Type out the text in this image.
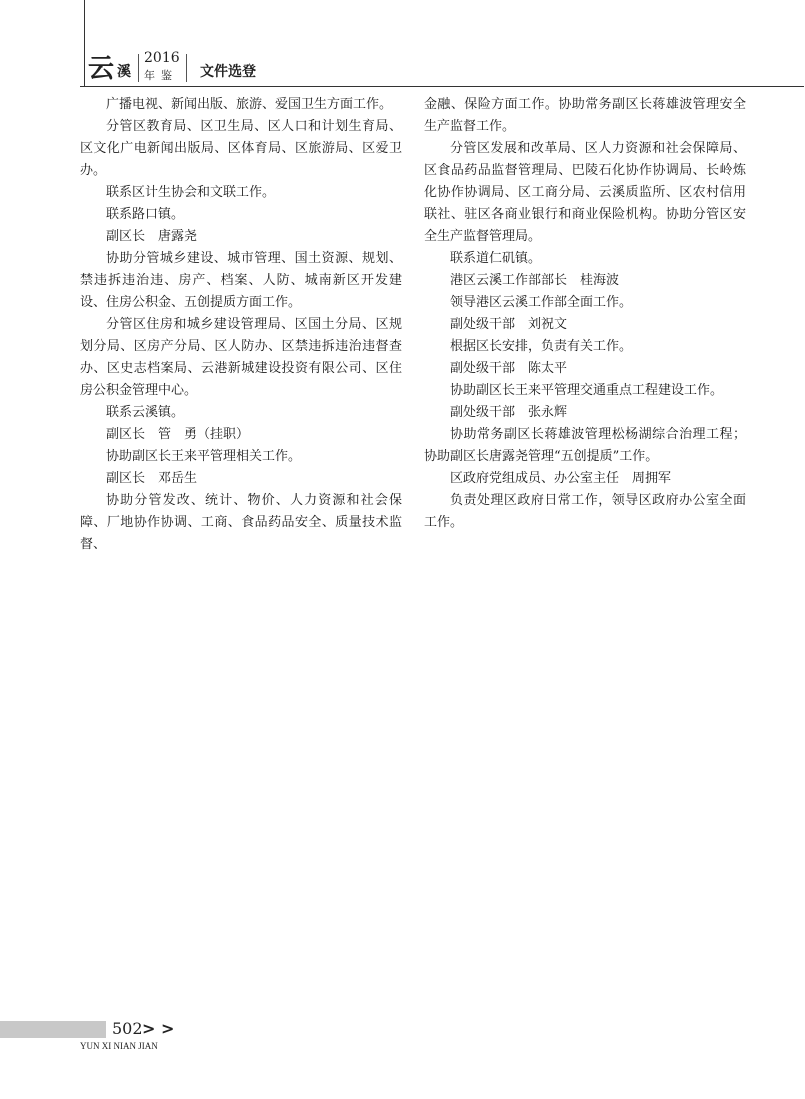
云 溪
2016
年鉴 文件选登

广播电视、新闻出版、旅游、爱国卫生方面工作。

分管区教育局、区卫生局、区人口和计划生育局、区文化广电新闻出版局、区体育局、区旅游局、区爱卫办。

联系区计生协会和文联工作。

联系路口镇。

副区长　唐露尧

协助分管城乡建设、城市管理、国土资源、规划、禁违拆违治违、房产、档案、人防、城南新区开发建设、住房公积金、五创提质方面工作。

分管区住房和城乡建设管理局、区国土分局、区规划分局、区房产分局、区人防办、区禁违拆违治违督查办、区史志档案局、云港新城建设投资有限公司、区住房公积金管理中心。

联系云溪镇。

副区长　管　勇（挂职）

协助副区长王来平管理相关工作。

副区长　邓岳生

协助分管发改、统计、物价、人力资源和社会保障、厂地协作协调、工商、食品药品安全、质量技术监督、

金融、保险方面工作。协助常务副区长蒋雄波管理安全生产监督工作。

分管区发展和改革局、区人力资源和社会保障局、区食品药品监督管理局、巴陵石化协作协调局、长岭炼化协作协调局、区工商分局、云溪质监所、区农村信用联社、驻区各商业银行和商业保险机构。协助分管区安全生产监督管理局。

联系道仁矶镇。

港区云溪工作部部长　桂海波

领导港区云溪工作部全面工作。

副处级干部　刘祝文

根据区长安排，负责有关工作。

副处级干部　陈太平

协助副区长王来平管理交通重点工程建设工作。

副处级干部　张永辉

协助常务副区长蒋雄波管理松杨湖综合治理工程；协助副区长唐露尧管理“五创提质”工作。

区政府党组成员、办公室主任　周拥军

负责处理区政府日常工作，领导区政府办公室全面工作。

502 > >
YUN XI NIAN JIAN
